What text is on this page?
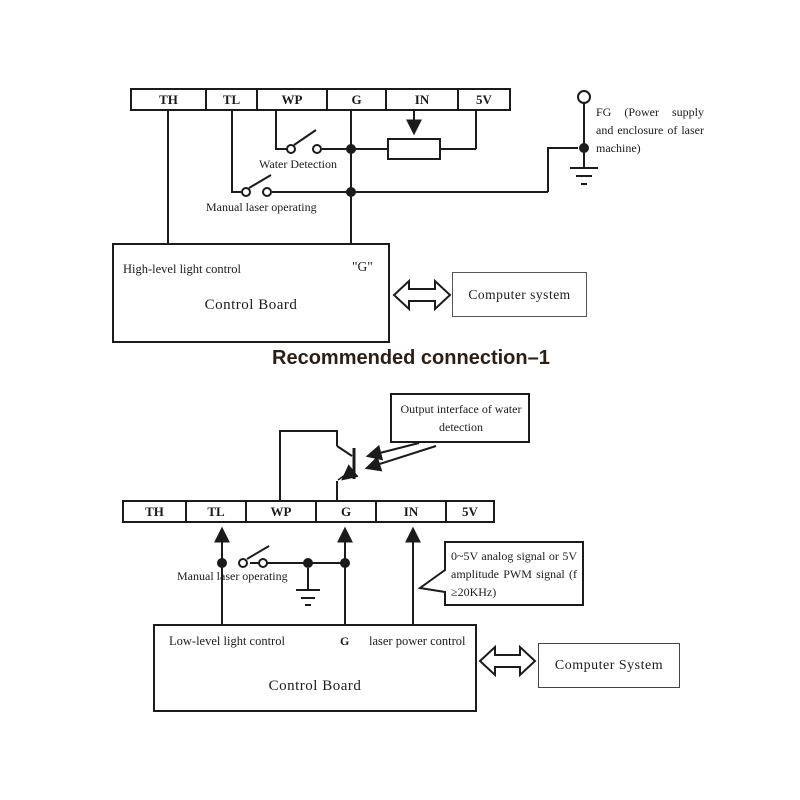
TH	TL	WP	G	IN	5V
Water Detection
Manual laser operating
FG (Power supply and enclosure of laser machine)
High-level light control	"G"
Control Board
Computer system
Recommended connection–1
Output interface of water detection
TH	TL	WP	G	IN	5V
Manual laser operating
0~5V analog signal or 5V amplitude PWM signal (f ≥20KHz)
Low-level light control	G laser power control
Control Board
Computer System
